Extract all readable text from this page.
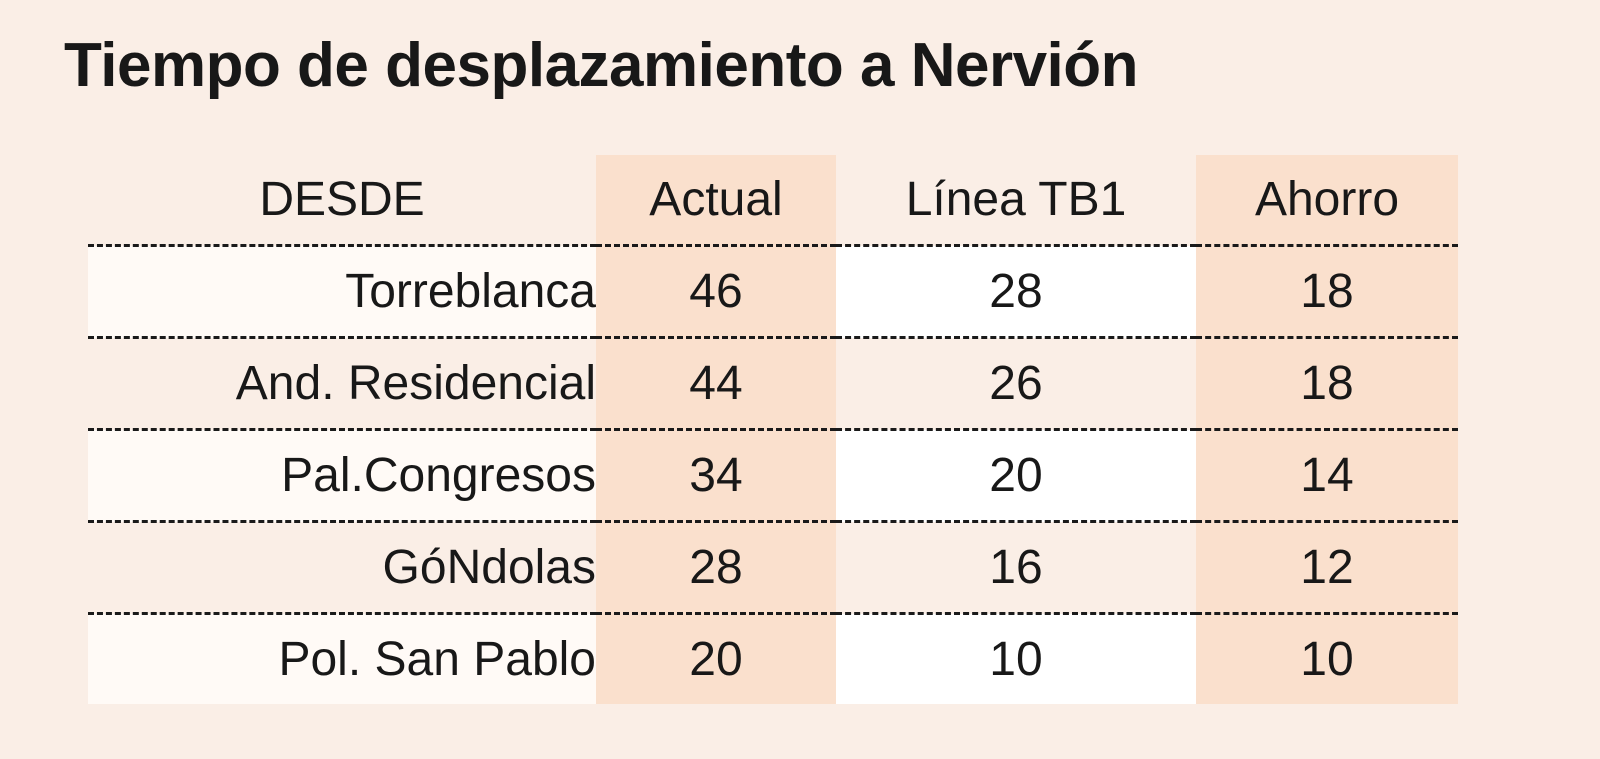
Tiempo de desplazamiento a Nervión
DESDE	Actual	Línea TB1	Ahorro
Torreblanca	46	28	18
And. Residencial	44	26	18
Pal.Congresos	34	20	14
GóNdolas	28	16	12
Pol. San Pablo	20	10	10
